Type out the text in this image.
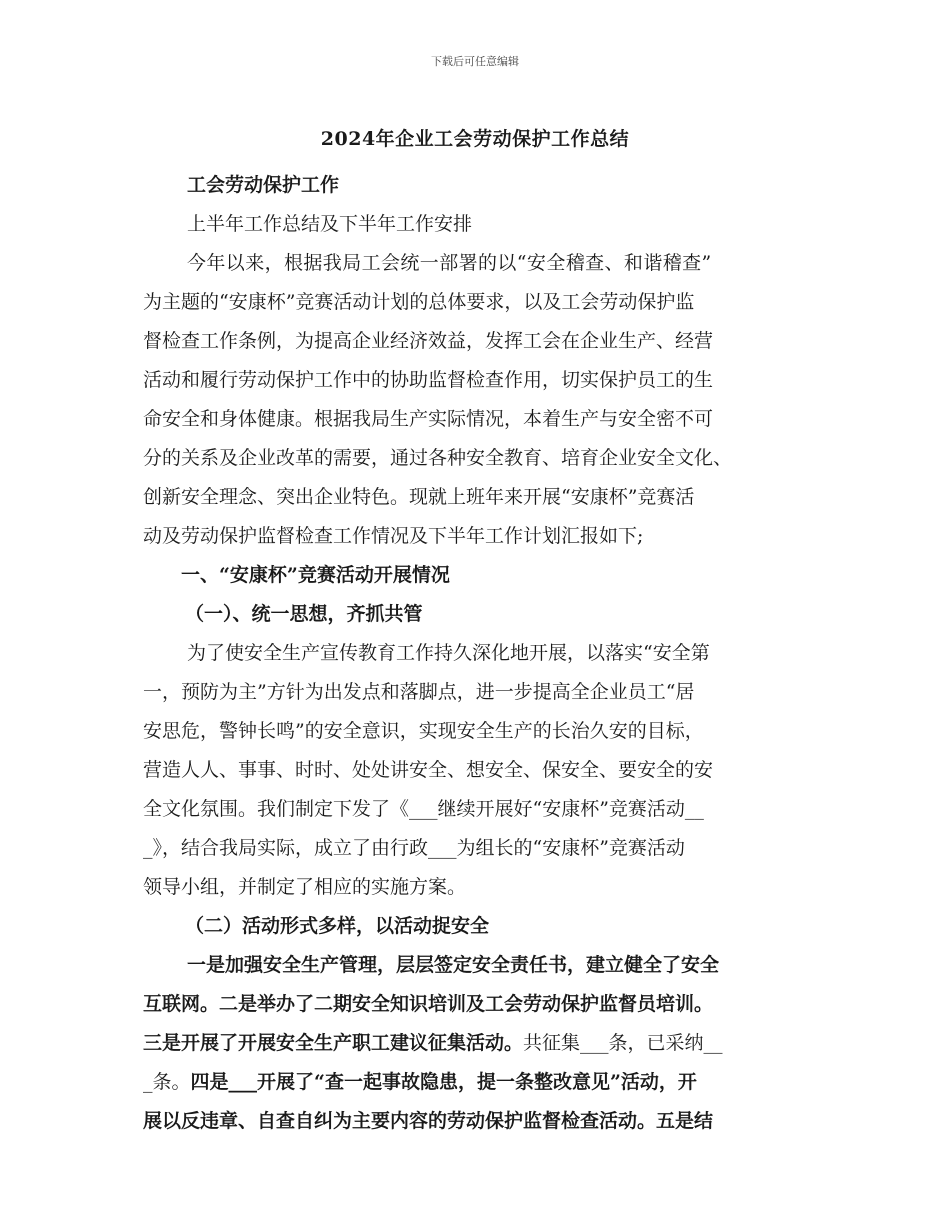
下载后可任意编辑
2024年企业工会劳动保护工作总结
工会劳动保护工作
上半年工作总结及下半年工作安排
今年以来，根据我局工会统一部署的以“安全稽查、和谐稽查”
为主题的“安康杯”竞赛活动计划的总体要求，以及工会劳动保护监
督检查工作条例，为提高企业经济效益，发挥工会在企业生产、经营
活动和履行劳动保护工作中的协助监督检查作用，切实保护员工的生
命安全和身体健康。根据我局生产实际情况，本着生产与安全密不可
分的关系及企业改革的需要，通过各种安全教育、培育企业安全文化、
创新安全理念、突出企业特色。现就上班年来开展“安康杯”竞赛活
动及劳动保护监督检查工作情况及下半年工作计划汇报如下;
一、“安康杯”竞赛活动开展情况
（一）、统一思想，齐抓共管
为了使安全生产宣传教育工作持久深化地开展，以落实“安全第
一，预防为主”方针为出发点和落脚点，进一步提高全企业员工“居
安思危，警钟长鸣”的安全意识，实现安全生产的长治久安的目标，
营造人人、事事、时时、处处讲安全、想安全、保安全、要安全的安
全文化氛围。我们制定下发了《___继续开展好“安康杯”竞赛活动__
_》，结合我局实际，成立了由行政___为组长的“安康杯”竞赛活动
领导小组，并制定了相应的实施方案。
（二）活动形式多样，以活动捉安全
一是加强安全生产管理，层层签定安全责任书，建立健全了安全
互联网。二是举办了二期安全知识培训及工会劳动保护监督员培训。
三是开展了开展安全生产职工建议征集活动。共征集___条，已采纳__
_条。四是___开展了“查一起事故隐患，提一条整改意见”活动，开
展以反违章、自查自纠为主要内容的劳动保护监督检查活动。五是结
